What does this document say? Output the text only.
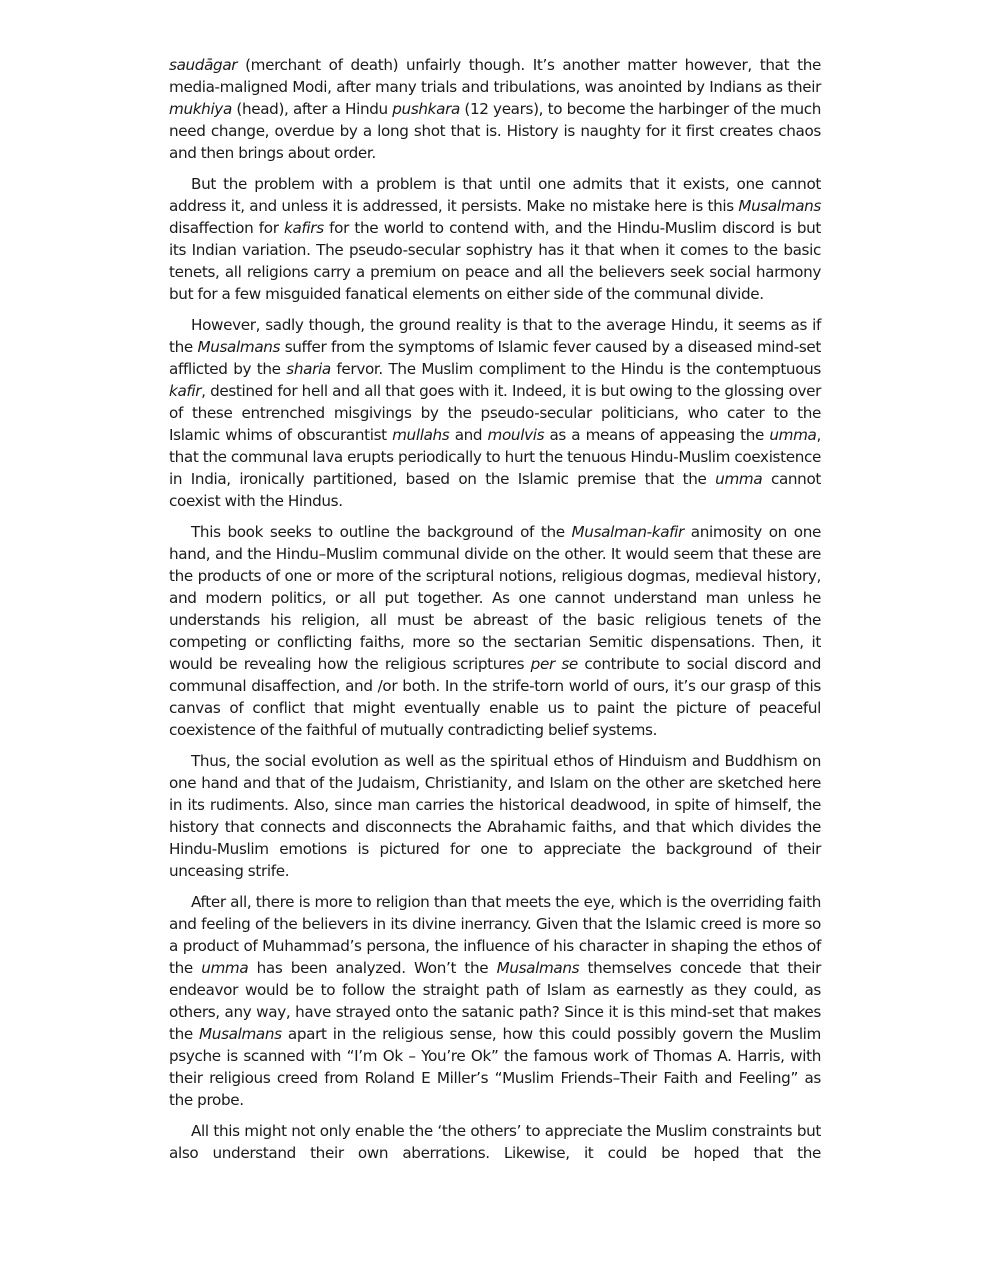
saudāgar (merchant of death) unfairly though. It’s another matter however, that the media-maligned Modi, after many trials and tribulations, was anointed by Indians as their mukhiya (head), after a Hindu pushkara (12 years), to become the harbinger of the much need change, overdue by a long shot that is. History is naughty for it first creates chaos and then brings about order.

But the problem with a problem is that until one admits that it exists, one cannot address it, and unless it is addressed, it persists. Make no mistake here is this Musalmans disaffection for kafirs for the world to contend with, and the Hindu-Muslim discord is but its Indian variation. The pseudo-secular sophistry has it that when it comes to the basic tenets, all religions carry a premium on peace and all the believers seek social harmony but for a few misguided fanatical elements on either side of the communal divide.

However, sadly though, the ground reality is that to the average Hindu, it seems as if the Musalmans suffer from the symptoms of Islamic fever caused by a diseased mind-set afflicted by the sharia fervor. The Muslim compliment to the Hindu is the contemptuous kafir, destined for hell and all that goes with it. Indeed, it is but owing to the glossing over of these entrenched misgivings by the pseudo-secular politicians, who cater to the Islamic whims of obscurantist mullahs and moulvis as a means of appeasing the umma, that the communal lava erupts periodically to hurt the tenuous Hindu-Muslim coexistence in India, ironically partitioned, based on the Islamic premise that the umma cannot coexist with the Hindus.

This book seeks to outline the background of the Musalman-kafir animosity on one hand, and the Hindu–Muslim communal divide on the other. It would seem that these are the products of one or more of the scriptural notions, religious dogmas, medieval history, and modern politics, or all put together. As one cannot understand man unless he understands his religion, all must be abreast of the basic religious tenets of the competing or conflicting faiths, more so the sectarian Semitic dispensations. Then, it would be revealing how the religious scriptures per se contribute to social discord and communal disaffection, and /or both. In the strife-torn world of ours, it’s our grasp of this canvas of conflict that might eventually enable us to paint the picture of peaceful coexistence of the faithful of mutually contradicting belief systems.

Thus, the social evolution as well as the spiritual ethos of Hinduism and Buddhism on one hand and that of the Judaism, Christianity, and Islam on the other are sketched here in its rudiments. Also, since man carries the historical deadwood, in spite of himself, the history that connects and disconnects the Abrahamic faiths, and that which divides the Hindu-Muslim emotions is pictured for one to appreciate the background of their unceasing strife.

After all, there is more to religion than that meets the eye, which is the overriding faith and feeling of the believers in its divine inerrancy. Given that the Islamic creed is more so a product of Muhammad’s persona, the influence of his character in shaping the ethos of the umma has been analyzed. Won’t the Musalmans themselves concede that their endeavor would be to follow the straight path of Islam as earnestly as they could, as others, any way, have strayed onto the satanic path? Since it is this mind-set that makes the Musalmans apart in the religious sense, how this could possibly govern the Muslim psyche is scanned with “I’m Ok – You’re Ok” the famous work of Thomas A. Harris, with their religious creed from Roland E Miller’s “Muslim Friends–Their Faith and Feeling” as the probe.

All this might not only enable the ‘the others’ to appreciate the Muslim constraints but also understand their own aberrations. Likewise, it could be hoped that the
